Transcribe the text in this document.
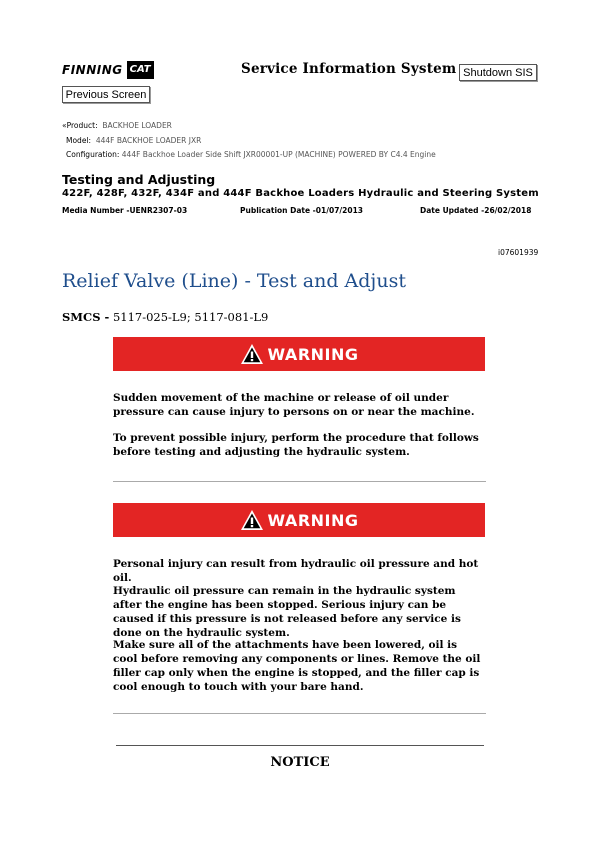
FINNING CAT	Service Information System Shutdown SIS
Previous Screen
«Product: BACKHOE LOADER
Model: 444F BACKHOE LOADER JXR
Configuration: 444F Backhoe Loader Side Shift JXR00001-UP (MACHINE) POWERED BY C4.4 Engine
Testing and Adjusting
422F, 428F, 432F, 434F and 444F Backhoe Loaders Hydraulic and Steering System
Media Number -UENR2307-03	Publication Date -01/07/2013	Date Updated -26/02/2018
i07601939
Relief Valve (Line) - Test and Adjust
SMCS - 5117-025-L9; 5117-081-L9
WARNING

Sudden movement of the machine or release of oil under pressure can cause injury to persons on or near the machine.

To prevent possible injury, perform the procedure that follows before testing and adjusting the hydraulic system.

WARNING

Personal injury can result from hydraulic oil pressure and hot oil.

Hydraulic oil pressure can remain in the hydraulic system after the engine has been stopped. Serious injury can be caused if this pressure is not released before any service is done on the hydraulic system.

Make sure all of the attachments have been lowered, oil is cool before removing any components or lines. Remove the oil filler cap only when the engine is stopped, and the filler cap is cool enough to touch with your bare hand.

NOTICE
